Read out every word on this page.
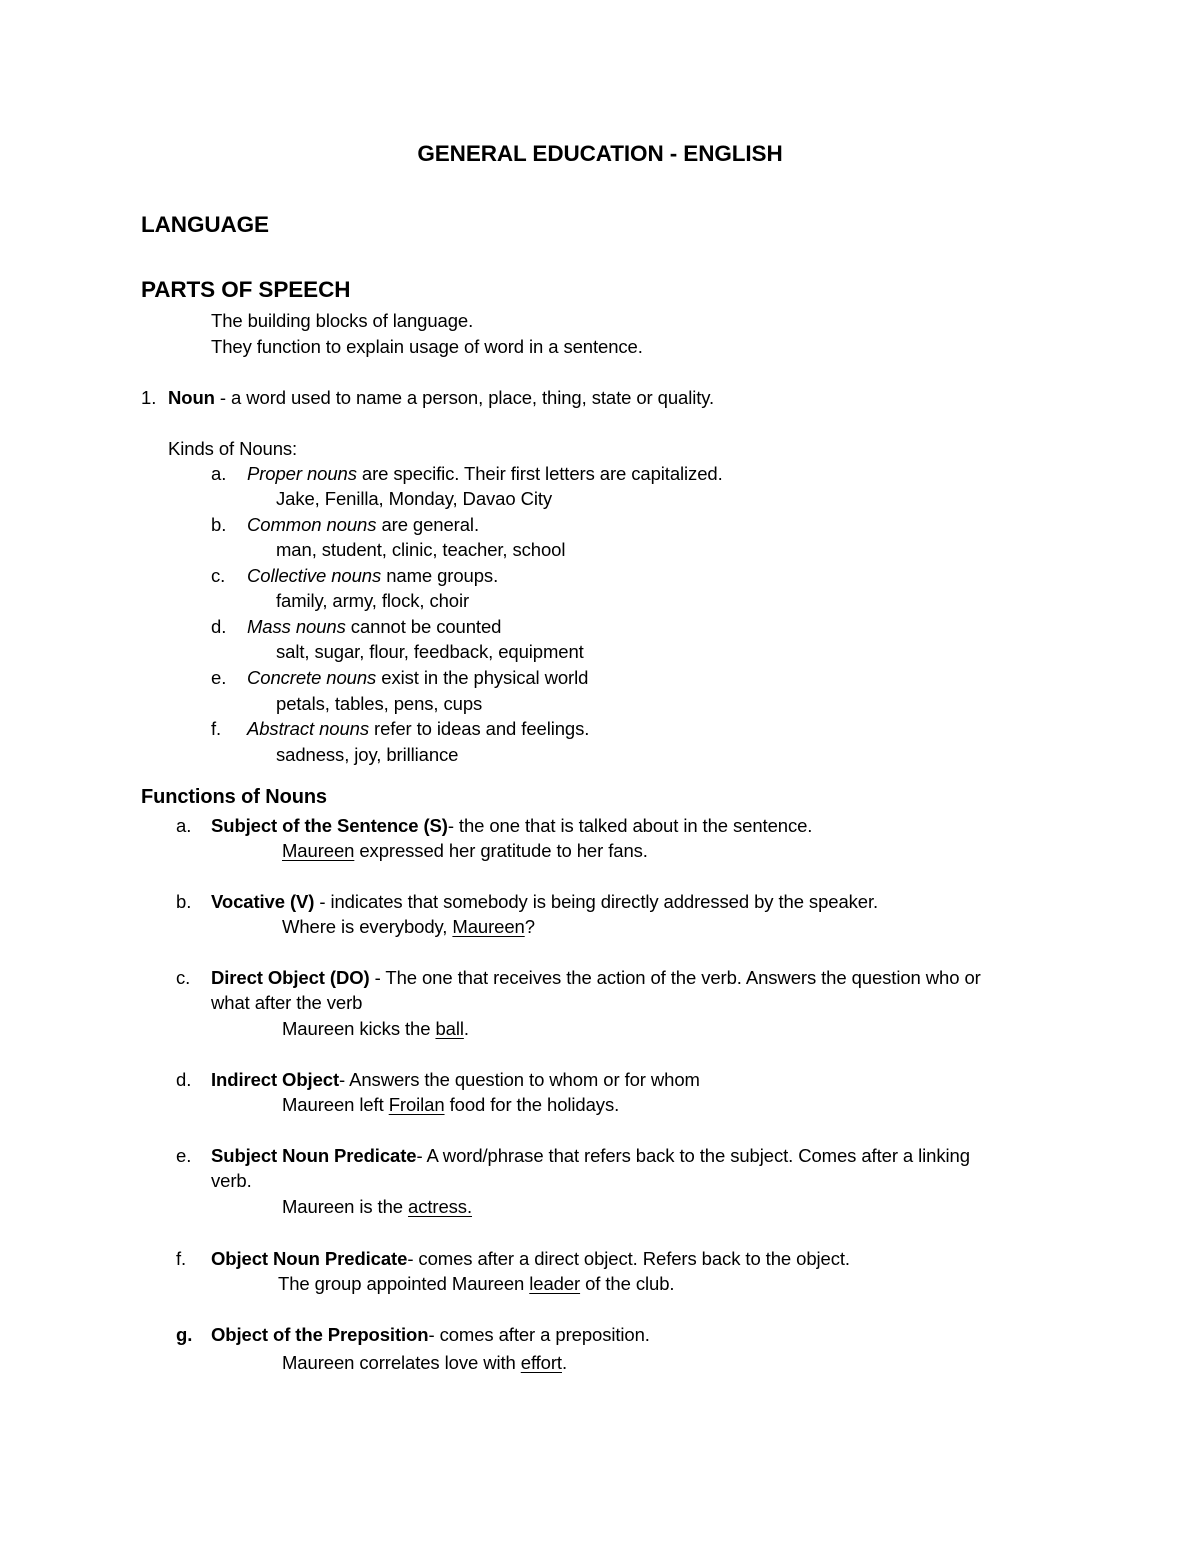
GENERAL EDUCATION - ENGLISH
LANGUAGE
PARTS OF SPEECH
The building blocks of language.
They function to explain usage of word in a sentence.
1. Noun - a word used to name a person, place, thing, state or quality.
Kinds of Nouns:
a. Proper nouns are specific. Their first letters are capitalized.
Jake, Fenilla, Monday, Davao City
b. Common nouns are general.
man, student, clinic, teacher, school
c. Collective nouns name groups.
family, army, flock, choir
d. Mass nouns cannot be counted
salt, sugar, flour, feedback, equipment
e. Concrete nouns exist in the physical world
petals, tables, pens, cups
f. Abstract nouns refer to ideas and feelings.
sadness, joy, brilliance
Functions of Nouns
a. Subject of the Sentence (S)- the one that is talked about in the sentence.
Maureen expressed her gratitude to her fans.
b. Vocative (V) - indicates that somebody is being directly addressed by the speaker.
Where is everybody, Maureen?
c. Direct Object (DO) - The one that receives the action of the verb. Answers the question who or
what after the verb
Maureen kicks the ball.
d. Indirect Object- Answers the question to whom or for whom
Maureen left Froilan food for the holidays.
e. Subject Noun Predicate- A word/phrase that refers back to the subject. Comes after a linking
verb.
Maureen is the actress.
f. Object Noun Predicate- comes after a direct object. Refers back to the object.
The group appointed Maureen leader of the club.
g. Object of the Preposition- comes after a preposition.
Maureen correlates love with effort.
